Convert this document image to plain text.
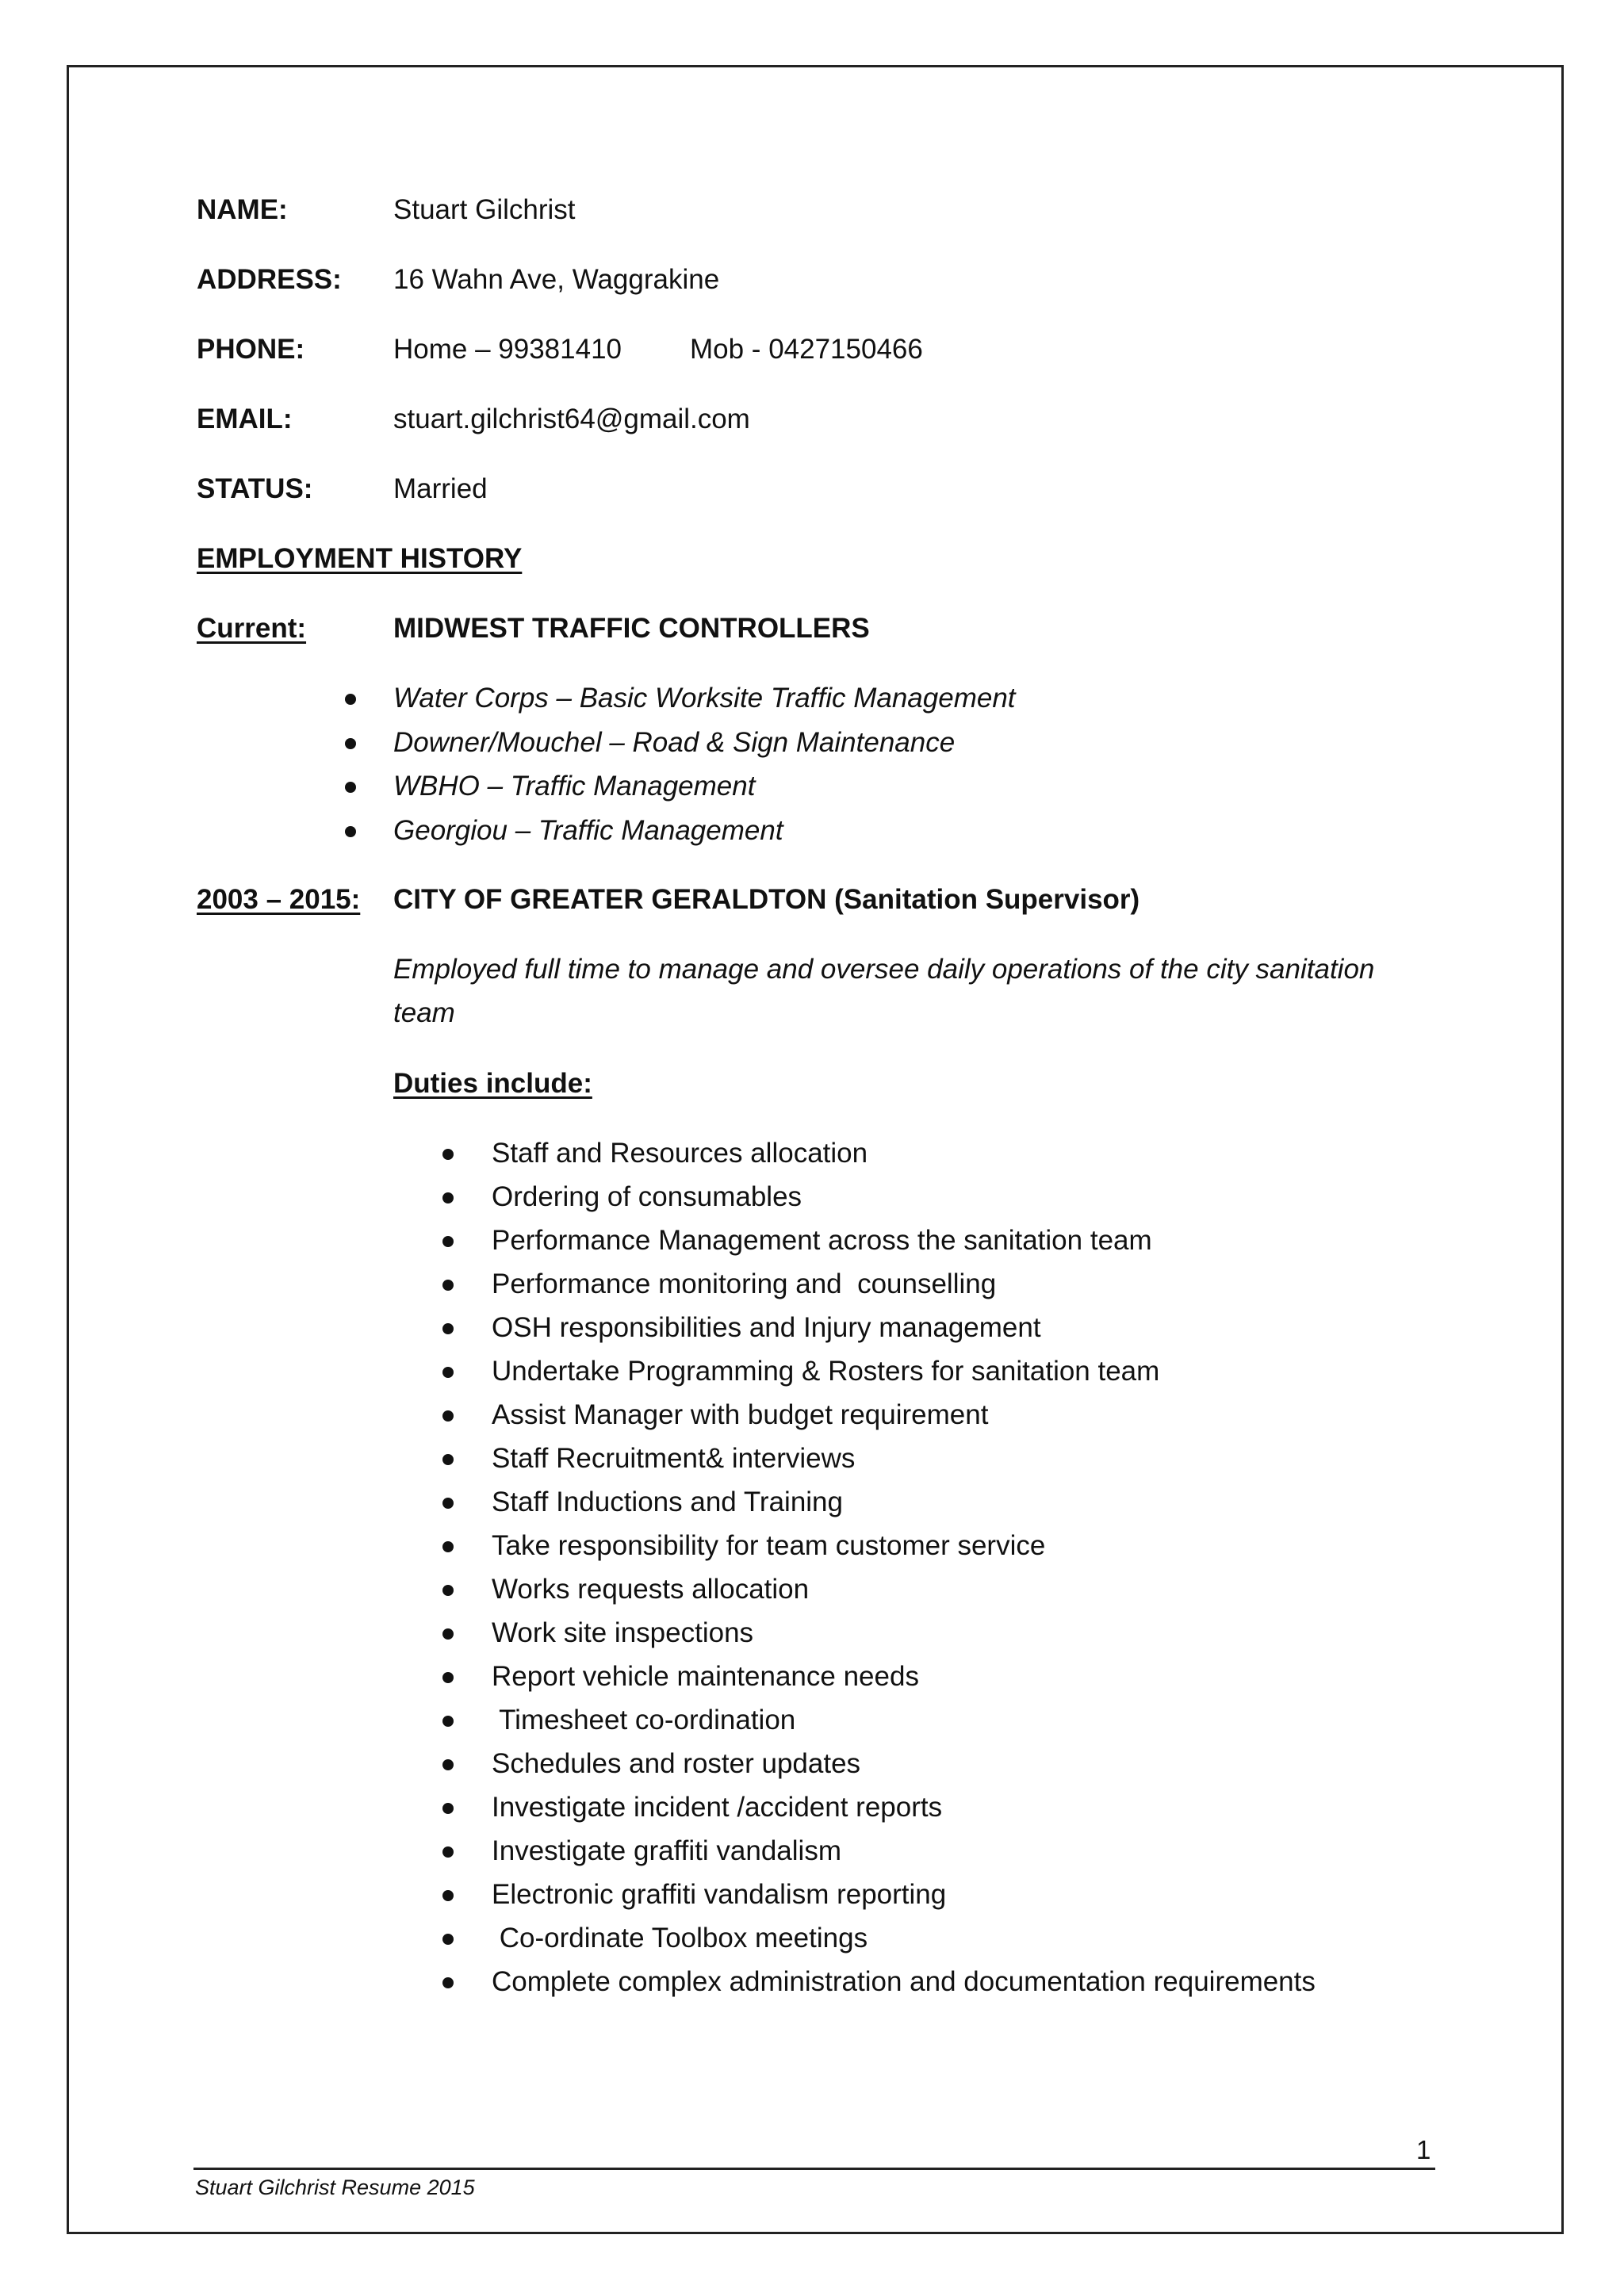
NAME:	Stuart Gilchrist
ADDRESS: 16 Wahn Ave, Waggrakine
PHONE:	Home – 99381410 Mob - 0427150466
EMAIL:	stuart.gilchrist64@gmail.com
STATUS:	Married
EMPLOYMENT HISTORY
Current:	MIDWEST TRAFFIC CONTROLLERS
Water Corps – Basic Worksite Traffic Management
Downer/Mouchel – Road & Sign Maintenance
WBHO – Traffic Management
Georgiou – Traffic Management
2003 – 2015: CITY OF GREATER GERALDTON (Sanitation Supervisor)
Employed full time to manage and oversee daily operations of the city sanitation
team
Duties include:
Staff and Resources allocation
Ordering of consumables
Performance Management across the sanitation team
Performance monitoring and  counselling
OSH responsibilities and Injury management
Undertake Programming & Rosters for sanitation team
Assist Manager with budget requirement
Staff Recruitment& interviews
Staff Inductions and Training
Take responsibility for team customer service
Works requests allocation
Work site inspections
Report vehicle maintenance needs
Timesheet co-ordination
Schedules and roster updates
Investigate incident /accident reports
Investigate graffiti vandalism
Electronic graffiti vandalism reporting
Co-ordinate Toolbox meetings
Complete complex administration and documentation requirements
1
Stuart Gilchrist Resume 2015
